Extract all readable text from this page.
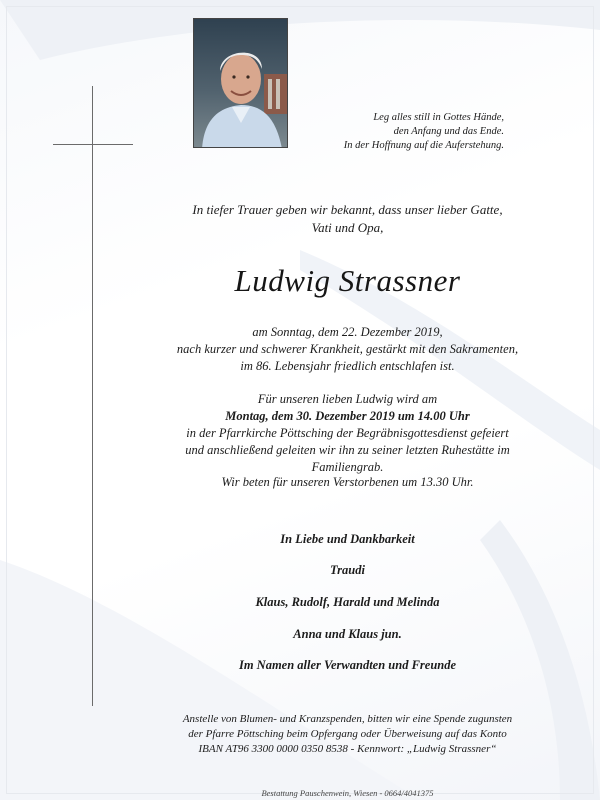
Leg alles still in Gottes Hände,
den Anfang und das Ende.
In der Hoffnung auf die Auferstehung.
In tiefer Trauer geben wir bekannt, dass unser lieber Gatte,
Vati und Opa,
Ludwig Strassner
am Sonntag, dem 22. Dezember 2019,
nach kurzer und schwerer Krankheit, gestärkt mit den Sakramenten,
im 86. Lebensjahr friedlich entschlafen ist.
Für unseren lieben Ludwig wird am
Montag, dem 30. Dezember 2019 um 14.00 Uhr
in der Pfarrkirche Pöttsching der Begräbnisgottesdienst gefeiert
und anschließend geleiten wir ihn zu seiner letzten Ruhestätte im
Familiengrab.
Wir beten für unseren Verstorbenen um 13.30 Uhr.
In Liebe und Dankbarkeit
Traudi
Klaus, Rudolf, Harald und Melinda
Anna und Klaus jun.
Im Namen aller Verwandten und Freunde
Anstelle von Blumen- und Kranzspenden, bitten wir eine Spende zugunsten
der Pfarre Pöttsching beim Opfergang oder Überweisung auf das Konto
IBAN AT96 3300 0000 0350 8538 - Kennwort: „Ludwig Strassner“
Bestattung Pauschenwein, Wiesen - 0664/4041375
